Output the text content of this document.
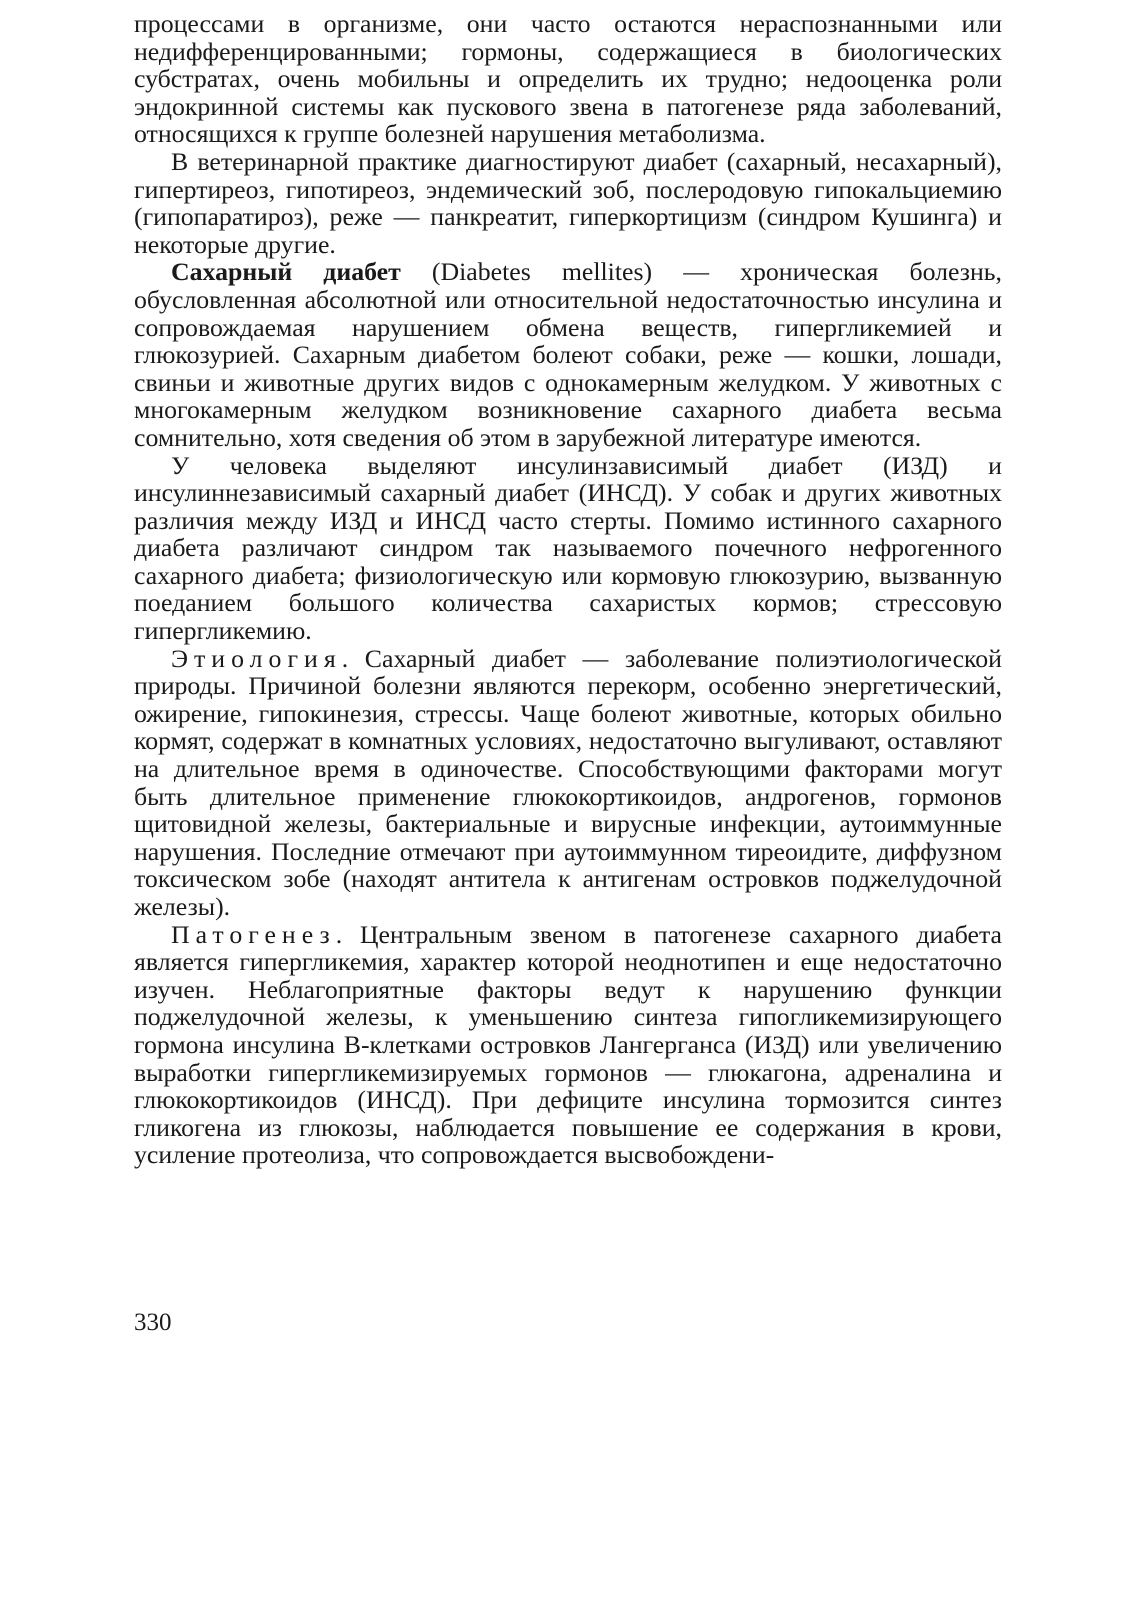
процессами в организме, они часто остаются нераспознанными или недифференцированными; гормоны, содержащиеся в биологических субстратах, очень мобильны и определить их трудно; недооценка роли эндокринной системы как пускового звена в патогенезе ряда заболеваний, относящихся к группе болезней нарушения метаболизма.

В ветеринарной практике диагностируют диабет (сахарный, несахарный), гипертиреоз, гипотиреоз, эндемический зоб, послеродовую гипокальциемию (гипопаратироз), реже — панкреатит, гиперкортицизм (синдром Кушинга) и некоторые другие.

Сахарный диабет (Diabetes mellites) — хроническая болезнь, обусловленная абсолютной или относительной недостаточностью инсулина и сопровождаемая нарушением обмена веществ, гипергликемией и глюкозурией. Сахарным диабетом болеют собаки, реже — кошки, лошади, свиньи и животные других видов с однокамерным желудком. У животных с многокамерным желудком возникновение сахарного диабета весьма сомнительно, хотя сведения об этом в зарубежной литературе имеются.

У человека выделяют инсулинзависимый диабет (ИЗД) и инсулиннезависимый сахарный диабет (ИНСД). У собак и других животных различия между ИЗД и ИНСД часто стерты. Помимо истинного сахарного диабета различают синдром так называемого почечного нефрогенного сахарного диабета; физиологическую или кормовую глюкозурию, вызванную поеданием большого количества сахаристых кормов; стрессовую гипергликемию.

Этиология. Сахарный диабет — заболевание полиэтиологической природы. Причиной болезни являются перекорм, особенно энергетический, ожирение, гипокинезия, стрессы. Чаще болеют животные, которых обильно кормят, содержат в комнатных условиях, недостаточно выгуливают, оставляют на длительное время в одиночестве. Способствующими факторами могут быть длительное применение глюкокортикоидов, андрогенов, гормонов щитовидной железы, бактериальные и вирусные инфекции, аутоиммунные нарушения. Последние отмечают при аутоиммунном тиреоидите, диффузном токсическом зобе (находят антитела к антигенам островков поджелудочной железы).

Патогенез. Центральным звеном в патогенезе сахарного диабета является гипергликемия, характер которой неоднотипен и еще недостаточно изучен. Неблагоприятные факторы ведут к нарушению функции поджелудочной железы, к уменьшению синтеза гипогликемизирующего гормона инсулина В-клетками островков Лангерганса (ИЗД) или увеличению выработки гипергликемизируемых гормонов — глюкагона, адреналина и глюкокортикоидов (ИНСД). При дефиците инсулина тормозится синтез гликогена из глюкозы, наблюдается повышение ее содержания в крови, усиление протеолиза, что сопровождается высвобождени-

330
